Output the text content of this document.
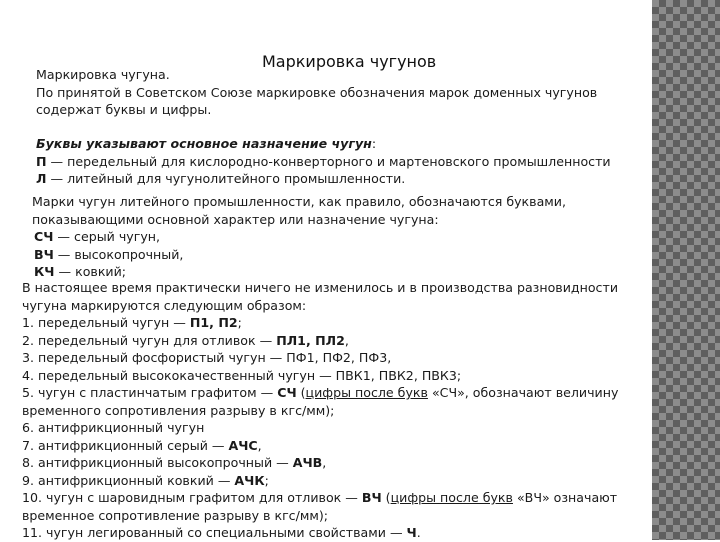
Маркировка чугунов
Маркировка чугуна.
По принятой в Советском Союзе маркировке обозначения марок доменных чугунов
содержат буквы и цифры.
Буквы указывают основное назначение чугун:
П — передельный для кислородно-конверторного и мартеновского промышленности
Л — литейный для чугунолитейного промышленности.
Марки чугун литейного промышленности, как правило, обозначаются буквами,
показывающими основной характер или назначение чугуна:
СЧ — серый чугун,
ВЧ — высокопрочный,
КЧ — ковкий;
В настоящее время практически ничего не изменилось и в производства разновидности
чугуна маркируются следующим образом:
1. передельный чугун — П1, П2;
2. передельный чугун для отливок — ПЛ1, ПЛ2,
3. передельный фосфористый чугун — ПФ1, ПФ2, ПФ3,
4. передельный высококачественный чугун — ПВК1, ПВК2, ПВК3;
5. чугун с пластинчатым графитом — СЧ (цифры после букв «СЧ», обозначают величину
временного сопротивления разрыву в кгс/мм);
6. антифрикционный чугун
7. антифрикционный серый — АЧС,
8. антифрикционный высокопрочный — АЧВ,
9. антифрикционный ковкий — АЧК;
10. чугун с шаровидным графитом для отливок — ВЧ (цифры после букв «ВЧ» означают
временное сопротивление разрыву в кгс/мм);
11. чугун легированный со специальными свойствами — Ч.
